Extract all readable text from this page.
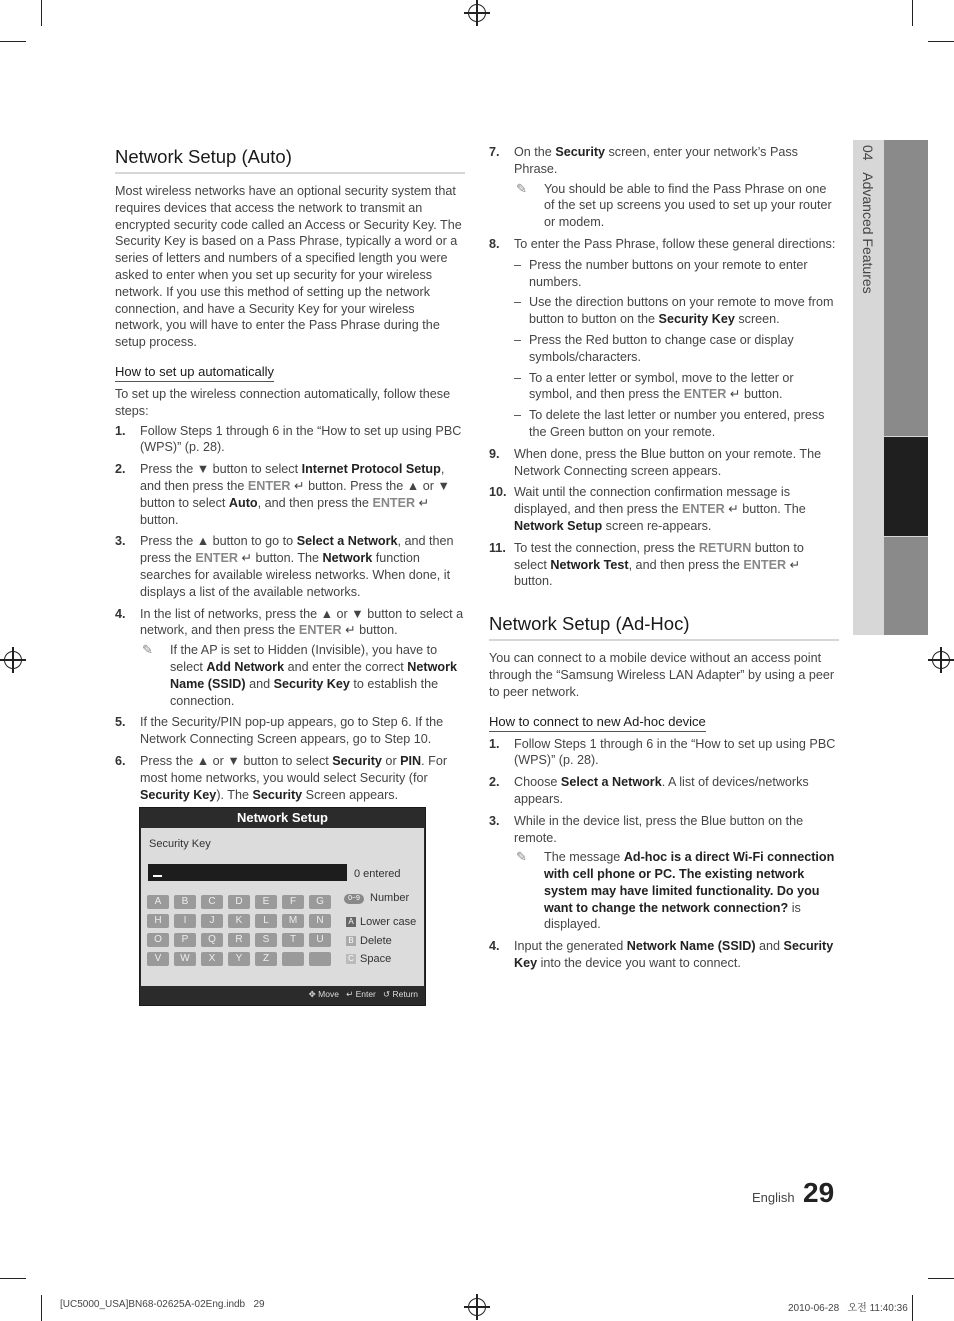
Network Setup (Auto)
Most wireless networks have an optional security system that requires devices that access the network to transmit an encrypted security code called an Access or Security Key. The Security Key is based on a Pass Phrase, typically a word or a series of letters and numbers of a specified length you were asked to enter when you set up security for your wireless network. If you use this method of setting up the network connection, and have a Security Key for your wireless network, you will have to enter the Pass Phrase during the setup process.
How to set up automatically
To set up the wireless connection automatically, follow these steps:
1. Follow Steps 1 through 6 in the “How to set up using PBC (WPS)” (p. 28).
2. Press the ▼ button to select Internet Protocol Setup, and then press the ENTER ↵ button. Press the ▲ or ▼ button to select Auto, and then press the ENTER ↵ button.
3. Press the ▲ button to go to Select a Network, and then press the ENTER ↵ button. The Network function searches for available wireless networks. When done, it displays a list of the available networks.
4. In the list of networks, press the ▲ or ▼ button to select a network, and then press the ENTER ↵ button.
✎ If the AP is set to Hidden (Invisible), you have to select Add Network and enter the correct Network Name (SSID) and Security Key to establish the connection.
5. If the Security/PIN pop-up appears, go to Step 6. If the Network Connecting Screen appears, go to Step 10.
6. Press the ▲ or ▼ button to select Security or PIN. For most home networks, you would select Security (for Security Key). The Security Screen appears.
Network Setup
Security Key
0 entered
A	B	C	D	E	F	G
H	I	J	K	L	M	N
O	P	Q	R	S	T	U
V	W	X	Y	Z
0~9 Number
A Lower case
B Delete
C Space
✥ Move ↵ Enter ↺ Return
7. On the Security screen, enter your network’s Pass Phrase.
✎ You should be able to find the Pass Phrase on one of the set up screens you used to set up your router or modem.
8. To enter the Pass Phrase, follow these general directions:
– Press the number buttons on your remote to enter numbers.
– Use the direction buttons on your remote to move from button to button on the Security Key screen.
– Press the Red button to change case or display symbols/characters.
– To a enter letter or symbol, move to the letter or symbol, and then press the ENTER ↵ button.
– To delete the last letter or number you entered, press the Green button on your remote.
9. When done, press the Blue button on your remote. The Network Connecting screen appears.
10. Wait until the connection confirmation message is displayed, and then press the ENTER ↵ button. The Network Setup screen re-appears.
11. To test the connection, press the RETURN button to select Network Test, and then press the ENTER ↵ button.
Network Setup (Ad-Hoc)
You can connect to a mobile device without an access point through the “Samsung Wireless LAN Adapter” by using a peer to peer network.
How to connect to new Ad-hoc device
1. Follow Steps 1 through 6 in the “How to set up using PBC (WPS)” (p. 28).
2. Choose Select a Network. A list of devices/networks appears.
3. While in the device list, press the Blue button on the remote.
✎ The message Ad-hoc is a direct Wi-Fi connection with cell phone or PC. The existing network system may have limited functionality. Do you want to change the network connection? is displayed.
4. Input the generated Network Name (SSID) and Security Key into the device you want to connect.
04   Advanced Features
English 29
[UC5000_USA]BN68-02625A-02Eng.indb   29	2010-06-28   오전 11:40:36
